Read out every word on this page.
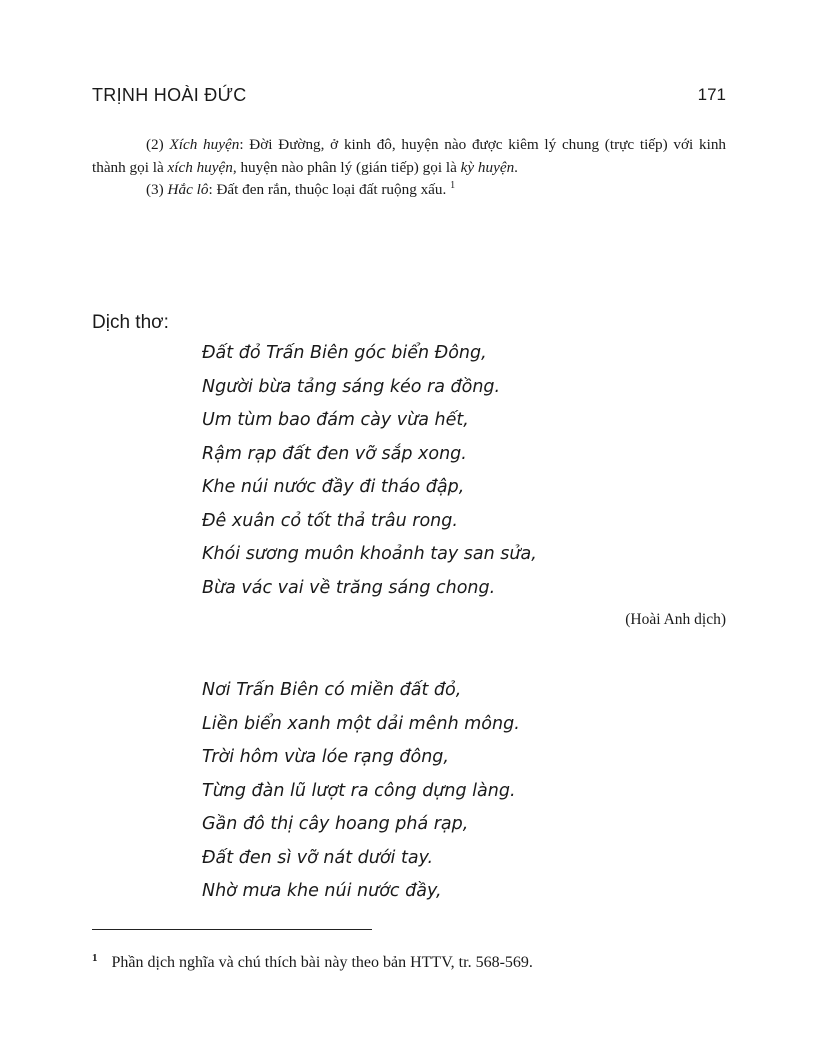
TRỊNH HOÀI ĐỨC	171

(2) Xích huyện: Đời Đường, ở kinh đô, huyện nào được kiêm lý chung (trực tiếp) với kinh thành gọi là xích huyện, huyện nào phân lý (gián tiếp) gọi là kỳ huyện.

(3) Hắc lô: Đất đen rắn, thuộc loại đất ruộng xấu. $^1$

Dịch thơ:
Đất đỏ Trấn Biên góc biển Đông,
Người bừa tảng sáng kéo ra đồng.
Um tùm bao đám cày vừa hết,
Rậm rạp đất đen vỡ sắp xong.
Khe núi nước đầy đi tháo đập,
Đê xuân cỏ tốt thả trâu rong.
Khói sương muôn khoảnh tay san sửa,
Bừa vác vai về trăng sáng chong.
(Hoài Anh dịch)
Nơi Trấn Biên có miền đất đỏ,
Liền biển xanh một dải mênh mông.
Trời hôm vừa lóe rạng đông,
Từng đàn lũ lượt ra công dựng làng.
Gần đô thị cây hoang phá rạp,
Đất đen sì vỡ nát dưới tay.
Nhờ mưa khe núi nước đầy,
$^1$ Phần dịch nghĩa và chú thích bài này theo bản HTTV, tr. 568-569.
